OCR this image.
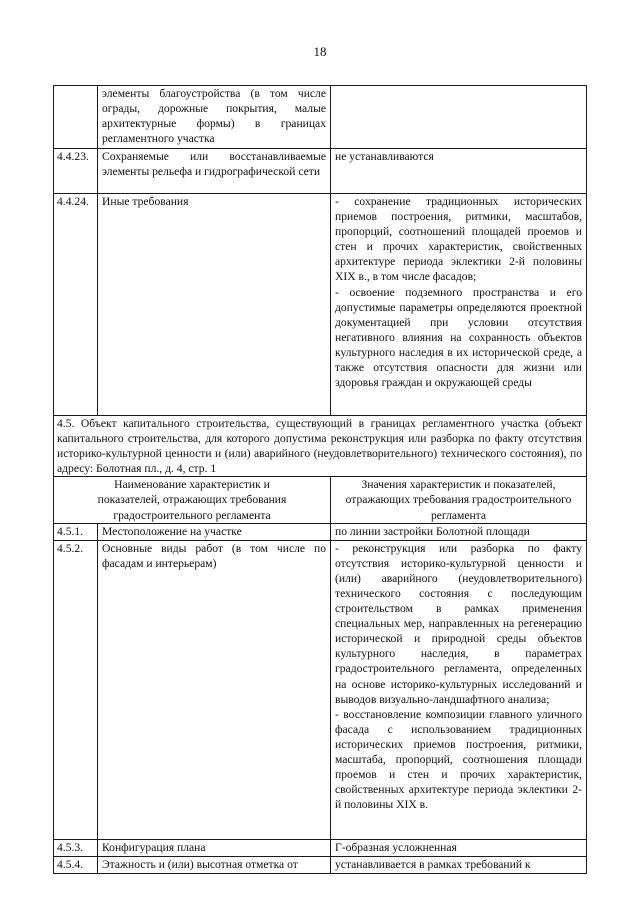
18
	элементы благоустройства (в том числе ограды, дорожные покрытия, малые архитектурные формы) в границах регламентного участка	
4.4.23.	Сохраняемые или восстанавливаемые элементы рельефа и гидрографической сети	не устанавливаются
4.4.24.	Иные требования	- сохранение традиционных исторических приемов построения, ритмики, масштабов, пропорций, соотношений площадей проемов и стен и прочих характеристик, свойственных архитектуре периода эклектики 2-й половины XIX в., в том числе фасадов;
- освоение подземного пространства и его допустимые параметры определяются проектной документацией при условии отсутствия негативного влияния на сохранность объектов культурного наследия в их исторической среде, а также отсутствия опасности для жизни или здоровья граждан и окружающей среды

4.5. Объект капитального строительства, существующий в границах регламентного участка (объект капитального строительства, для которого допустима реконструкция или разборка по факту отсутствия историко-культурной ценности и (или) аварийного (неудовлетворительного) технического состояния), по адресу: Болотная пл., д. 4, стр. 1		
Наименование характеристик и показателей, отражающих требования градостроительного регламента		Значения характеристик и показателей, отражающих требования градостроительного регламента
4.5.1.	Местоположение на участке	по линии застройки Болотной площади
4.5.2.	Основные виды работ (в том числе по фасадам и интерьерам)	- реконструкция или разборка по факту отсутствия историко-культурной ценности и (или) аварийного (неудовлетворительного) технического состояния с последующим строительством в рамках применения специальных мер, направленных на регенерацию исторической и природной среды объектов культурного наследия, в параметрах градостроительного регламента, определенных на основе историко-культурных исследований и выводов визуально-ландшафтного анализа;
- восстановление композиции главного уличного фасада с использованием традиционных исторических приемов построения, ритмики, масштаба, пропорций, соотношения площади проемов и стен и прочих характеристик, свойственных архитектуре периода эклектики 2-й половины XIX в.

4.5.3.	Конфигурация плана	Г-образная усложненная
4.5.4.	Этажность и (или) высотная отметка от	устанавливается в рамках требований к
